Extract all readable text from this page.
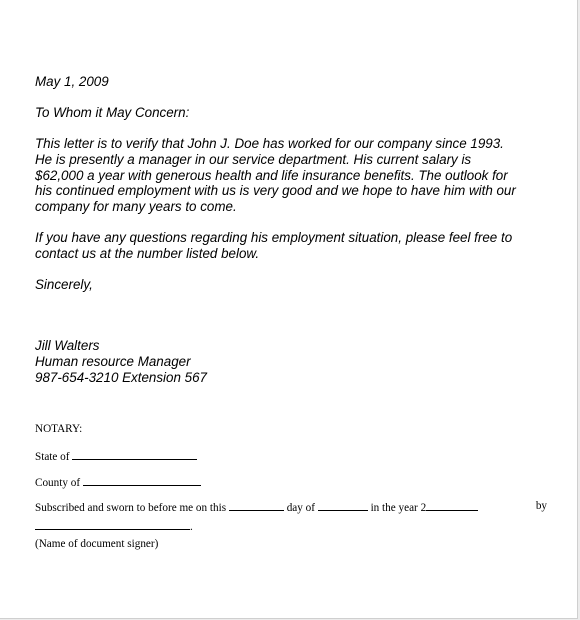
May 1, 2009

To Whom it May Concern:

This letter is to verify that John J. Doe has worked for our company since 1993.
He is presently a manager in our service department. His current salary is
$62,000 a year with generous health and life insurance benefits. The outlook for
his continued employment with us is very good and we hope to have him with our
company for many years to come.
If you have any questions regarding his employment situation, please feel free to
contact us at the number listed below.

Sincerely,

Jill Walters

Human resource Manager

987-654-3210 Extension 567

NOTARY:
State of
County of
Subscribed and sworn to before me on this	day of	in the year 2	by
.
(Name of document signer)
